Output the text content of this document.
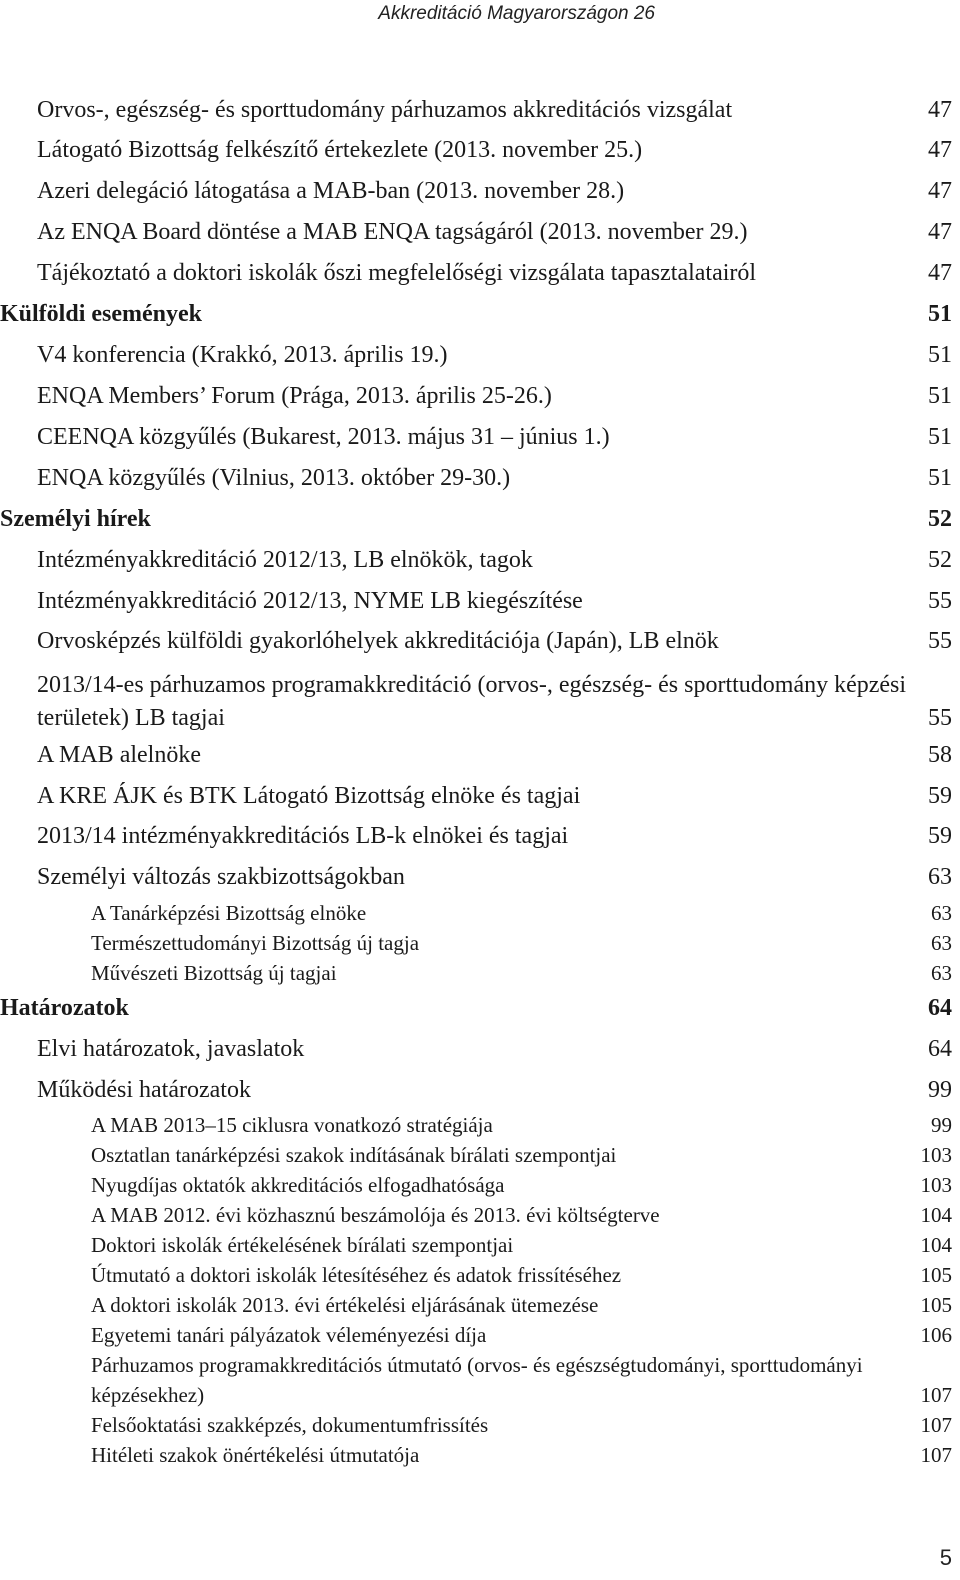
Akkreditáció Magyarországon 26
Orvos-, egészség- és sporttudomány párhuzamos akkreditációs vizsgálat	47
Látogató Bizottság felkészítő értekezlete (2013. november 25.)	47
Azeri delegáció látogatása a MAB-ban (2013. november 28.)	47
Az ENQA Board döntése a MAB ENQA tagságáról (2013. november 29.)	47
Tájékoztató a doktori iskolák őszi megfelelőségi vizsgálata tapasztalatairól	47
Külföldi események	51
V4 konferencia (Krakkó, 2013. április 19.)	51
ENQA Members’ Forum (Prága, 2013. április 25-26.)	51
CEENQA közgyűlés (Bukarest, 2013. május 31 – június 1.)	51
ENQA közgyűlés (Vilnius, 2013. október 29-30.)	51
Személyi hírek	52
Intézményakkreditáció 2012/13, LB elnökök, tagok	52
Intézményakkreditáció 2012/13, NYME LB kiegészítése	55
Orvosképzés külföldi gyakorlóhelyek akkreditációja (Japán), LB elnök	55
2013/14-es párhuzamos programakkreditáció (orvos-, egészség- és sporttudomány képzési területek) LB tagjai	55
A MAB alelnöke	58
A KRE ÁJK és BTK Látogató Bizottság elnöke és tagjai	59
2013/14 intézményakkreditációs LB-k elnökei és tagjai	59
Személyi változás szakbizottságokban	63
A Tanárképzési Bizottság elnöke	63
Természettudományi Bizottság új tagja	63
Művészeti Bizottság új tagjai	63
Határozatok	64
Elvi határozatok, javaslatok	64
Működési határozatok	99
A MAB 2013–15 ciklusra vonatkozó stratégiája	99
Osztatlan tanárképzési szakok indításának bírálati szempontjai	103
Nyugdíjas oktatók akkreditációs elfogadhatósága	103
A MAB 2012. évi közhasznú beszámolója és 2013. évi költségterve	104
Doktori iskolák értékelésének bírálati szempontjai	104
Útmutató a doktori iskolák létesítéséhez és adatok frissítéséhez	105
A doktori iskolák 2013. évi értékelési eljárásának ütemezése	105
Egyetemi tanári pályázatok véleményezési díja	106
Párhuzamos programakkreditációs útmutató (orvos- és egészségtudományi, sporttudományi képzésekhez)	107
Felsőoktatási szakképzés, dokumentumfrissítés	107
Hitéleti szakok önértékelési útmutatója	107
5
